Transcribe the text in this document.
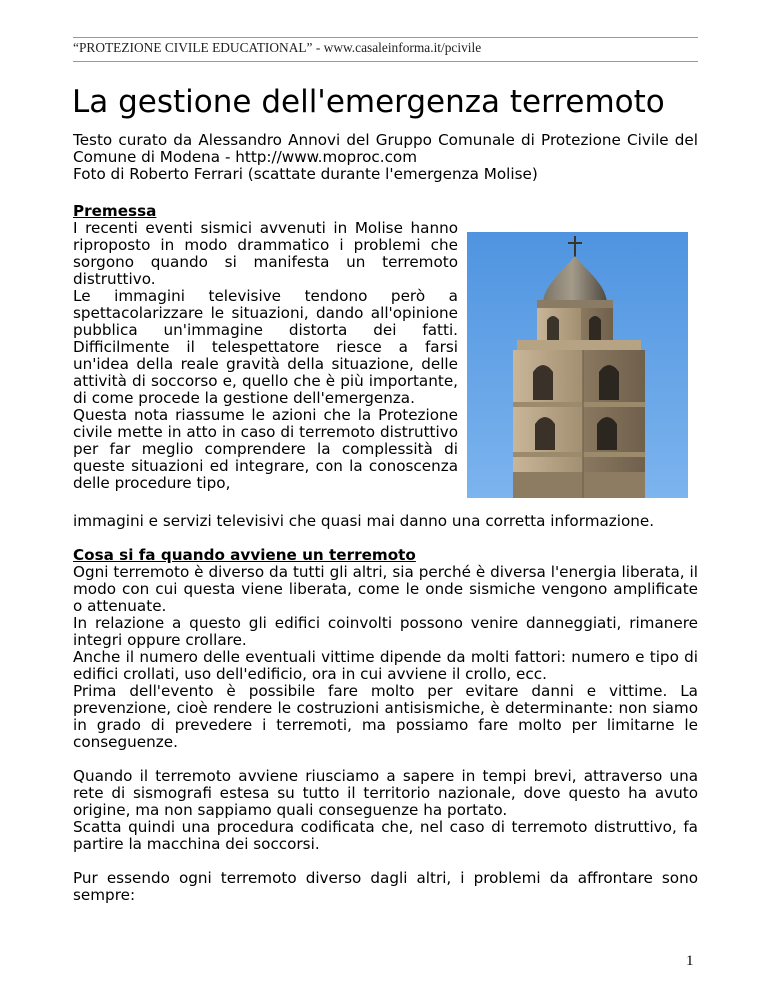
“PROTEZIONE CIVILE EDUCATIONAL” - www.casaleinforma.it/pcivile
La gestione dell'emergenza terremoto

Testo curato da Alessandro Annovi del Gruppo Comunale di Protezione Civile del Comune di Modena - http://www.moproc.com

Foto di Roberto Ferrari (scattate durante l'emergenza Molise)

Premessa

I recenti eventi sismici avvenuti in Molise hanno riproposto in modo drammatico i problemi che sorgono quando si manifesta un terremoto distruttivo.

Le immagini televisive tendono però a spettacolarizzare le situazioni, dando all'opinione pubblica un'immagine distorta dei fatti. Difficilmente il telespettatore riesce a farsi un'idea della reale gravità della situazione, delle attività di soccorso e, quello che è più importante, di come procede la gestione dell'emergenza.

Questa nota riassume le azioni che la Protezione civile mette in atto in caso di terremoto distruttivo per far meglio comprendere la complessità di queste situazioni ed integrare, con la conoscenza delle procedure tipo,

immagini e servizi televisivi che quasi mai danno una corretta informazione.

Cosa si fa quando avviene un terremoto

Ogni terremoto è diverso da tutti gli altri, sia perché è diversa l'energia liberata, il modo con cui questa viene liberata, come le onde sismiche vengono amplificate o attenuate.

In relazione a questo gli edifici coinvolti possono venire danneggiati, rimanere integri oppure crollare.

Anche il numero delle eventuali vittime dipende da molti fattori: numero e tipo di edifici crollati, uso dell'edificio, ora in cui avviene il crollo, ecc.

Prima dell'evento è possibile fare molto per evitare danni e vittime. La prevenzione, cioè rendere le costruzioni antisismiche, è determinante: non siamo in grado di prevedere i terremoti, ma possiamo fare molto per limitarne le conseguenze.

Quando il terremoto avviene riusciamo a sapere in tempi brevi, attraverso una rete di sismografi estesa su tutto il territorio nazionale, dove questo ha avuto origine, ma non sappiamo quali conseguenze ha portato.

Scatta quindi una procedura codificata che, nel caso di terremoto distruttivo, fa partire la macchina dei soccorsi.

Pur essendo ogni terremoto diverso dagli altri, i problemi da affrontare sono sempre:

1
